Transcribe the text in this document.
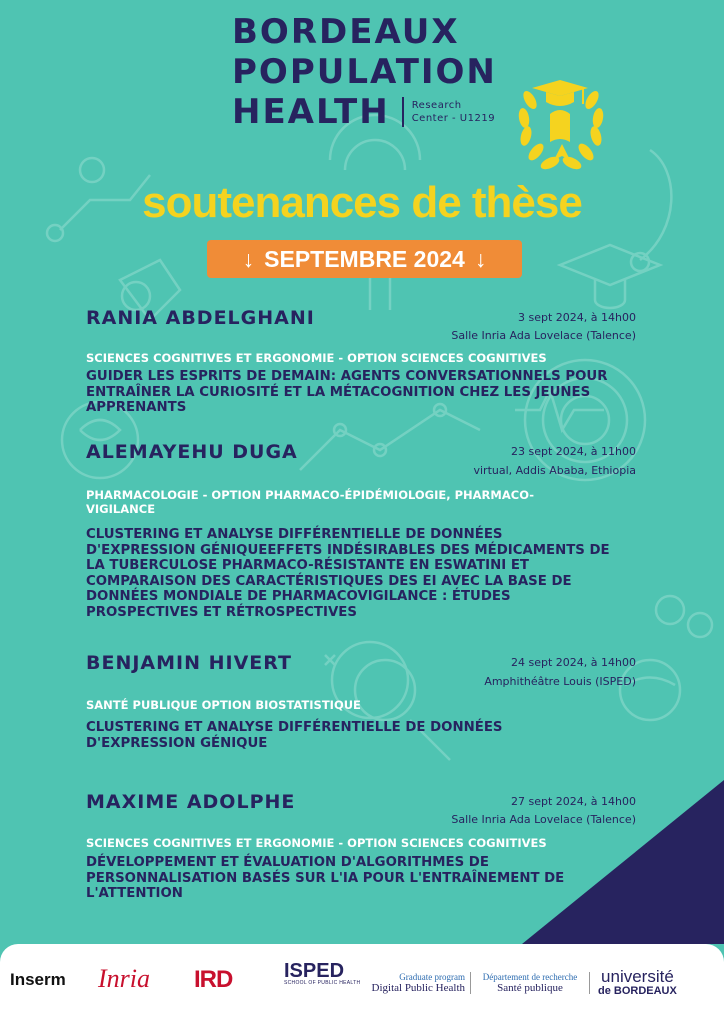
BORDEAUX
POPULATION
HEALTH Research
Center - U1219
soutenances de thèse
↓ SEPTEMBRE 2024 ↓
RANIA ABDELGHANI	3 sept 2024, à 14h00
Salle Inria Ada Lovelace (Talence)
SCIENCES COGNITIVES ET ERGONOMIE - OPTION SCIENCES COGNITIVES
GUIDER LES ESPRITS DE DEMAIN: AGENTS CONVERSATIONNELS POUR ENTRAÎNER LA CURIOSITÉ ET LA MÉTACOGNITION CHEZ LES JEUNES APPRENANTS
ALEMAYEHU DUGA	23 sept 2024, à 11h00
virtual, Addis Ababa, Ethiopia
PHARMACOLOGIE - OPTION PHARMACO-ÉPIDÉMIOLOGIE, PHARMACO-VIGILANCE
CLUSTERING ET ANALYSE DIFFÉRENTIELLE DE DONNÉES D'EXPRESSION GÉNIQUEEFFETS INDÉSIRABLES DES MÉDICAMENTS DE LA TUBERCULOSE PHARMACO-RÉSISTANTE EN ESWATINI ET COMPARAISON DES CARACTÉRISTIQUES DES EI AVEC LA BASE DE DONNÉES MONDIALE DE PHARMACOVIGILANCE : ÉTUDES PROSPECTIVES ET RÉTROSPECTIVES
BENJAMIN HIVERT	24 sept 2024, à 14h00
Amphithéâtre Louis (ISPED)
SANTÉ PUBLIQUE OPTION BIOSTATISTIQUE
CLUSTERING ET ANALYSE DIFFÉRENTIELLE DE DONNÉES D'EXPRESSION GÉNIQUE
MAXIME ADOLPHE	27 sept 2024, à 14h00
Salle Inria Ada Lovelace (Talence)
SCIENCES COGNITIVES ET ERGONOMIE - OPTION SCIENCES COGNITIVES
DÉVELOPPEMENT ET ÉVALUATION D'ALGORITHMES DE PERSONNALISATION BASÉS SUR L'IA POUR L'ENTRAÎNEMENT DE L'ATTENTION
Inserm Inria IRD	ISPED
SCHOOL OF PUBLIC HEALTH
Graduate program
Digital Public Health
Département de recherche
Santé publique
université
de BORDEAUX
